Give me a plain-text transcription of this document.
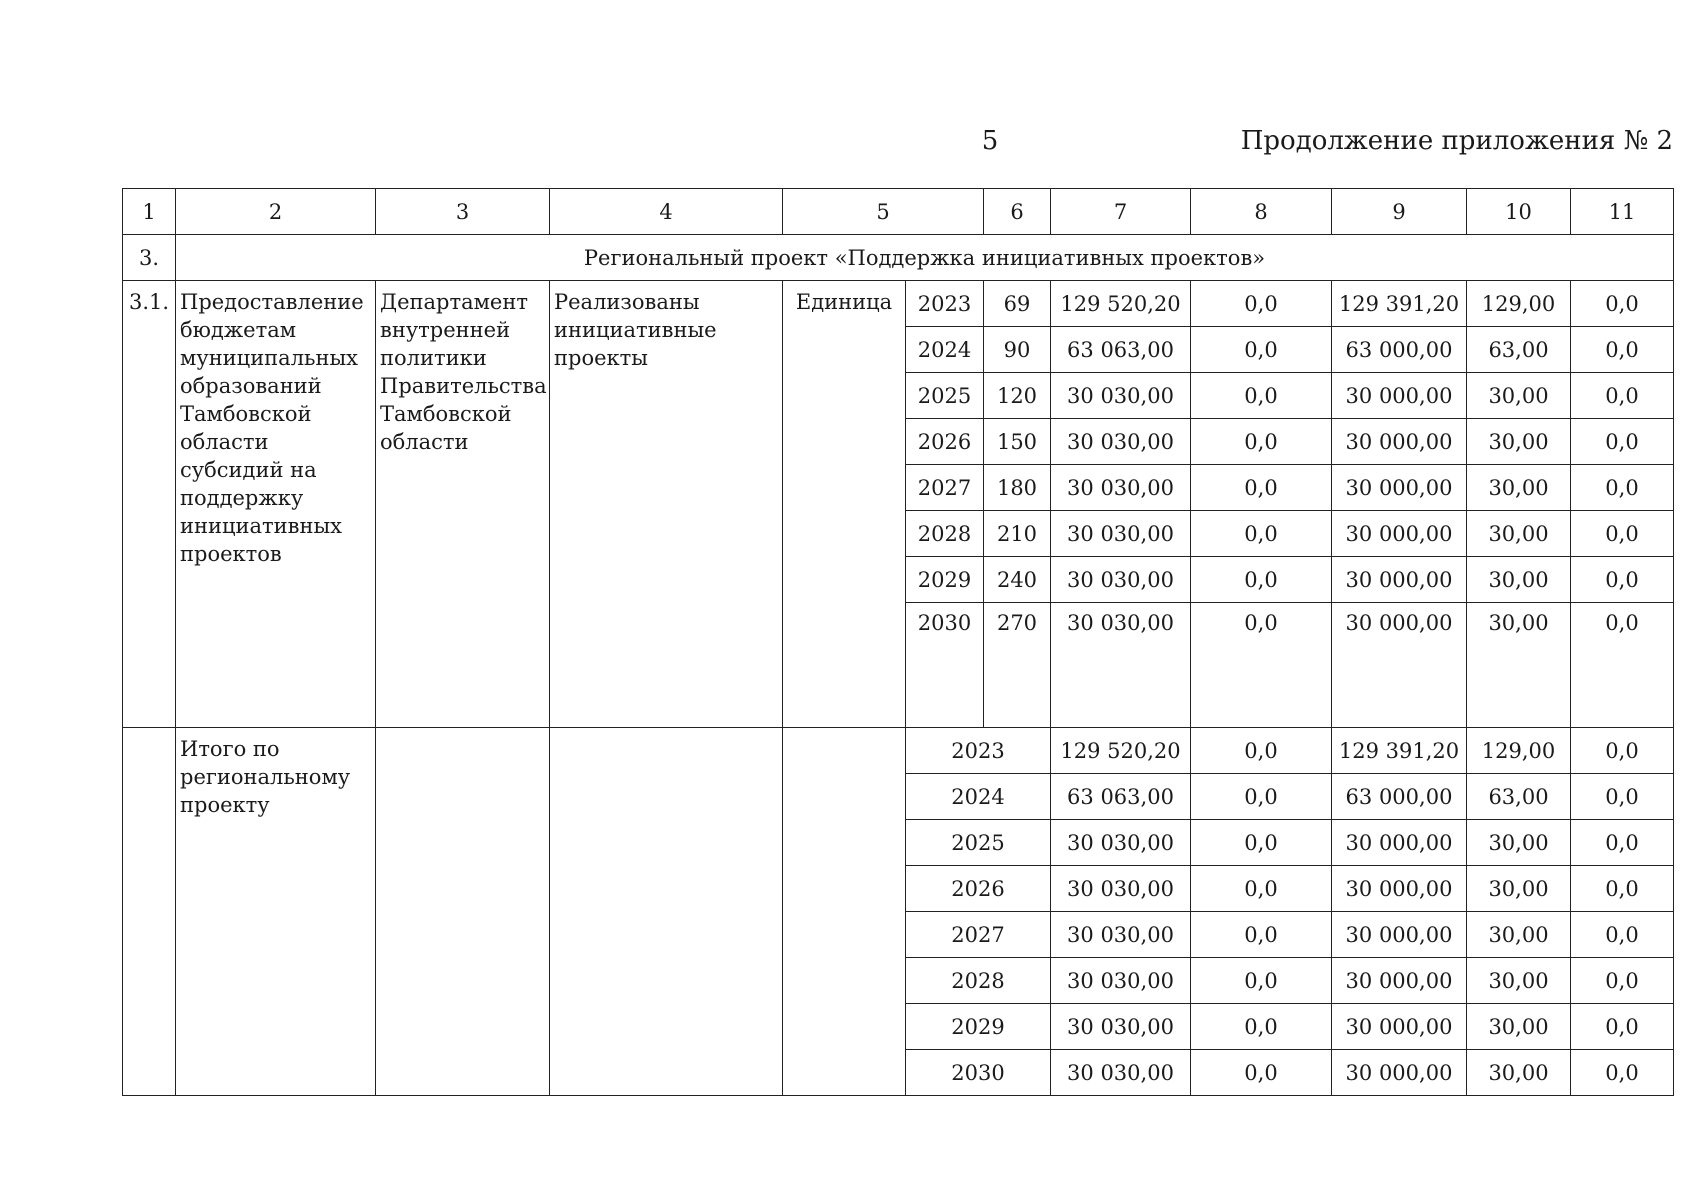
5	Продолжение приложения № 2
1	2	3	4	5		6	7	8	9	10	11
3.	Региональный проект «Поддержка инициативных проектов»										
3.1.	Предоставление бюджетам муниципальных образований Тамбовской области субсидий на поддержку инициативных проектов	Департамент внутренней политики Правительства Тамбовской области	Реализованы инициативные проекты	Единица	2023	69	129 520,20	0,0	129 391,20	129,00	0,0
					2024	90	63 063,00	0,0	63 000,00	63,00	0,0
					2025	120	30 030,00	0,0	30 000,00	30,00	0,0
					2026	150	30 030,00	0,0	30 000,00	30,00	0,0
					2027	180	30 030,00	0,0	30 000,00	30,00	0,0
					2028	210	30 030,00	0,0	30 000,00	30,00	0,0
					2029	240	30 030,00	0,0	30 000,00	30,00	0,0
					2030	270	30 030,00	0,0	30 000,00	30,00	0,0
	Итого по региональному проекту				2023		129 520,20	0,0	129 391,20	129,00	0,0
					2024		63 063,00	0,0	63 000,00	63,00	0,0
					2025		30 030,00	0,0	30 000,00	30,00	0,0
					2026		30 030,00	0,0	30 000,00	30,00	0,0
					2027		30 030,00	0,0	30 000,00	30,00	0,0
					2028		30 030,00	0,0	30 000,00	30,00	0,0
					2029		30 030,00	0,0	30 000,00	30,00	0,0
					2030		30 030,00	0,0	30 000,00	30,00	0,0
